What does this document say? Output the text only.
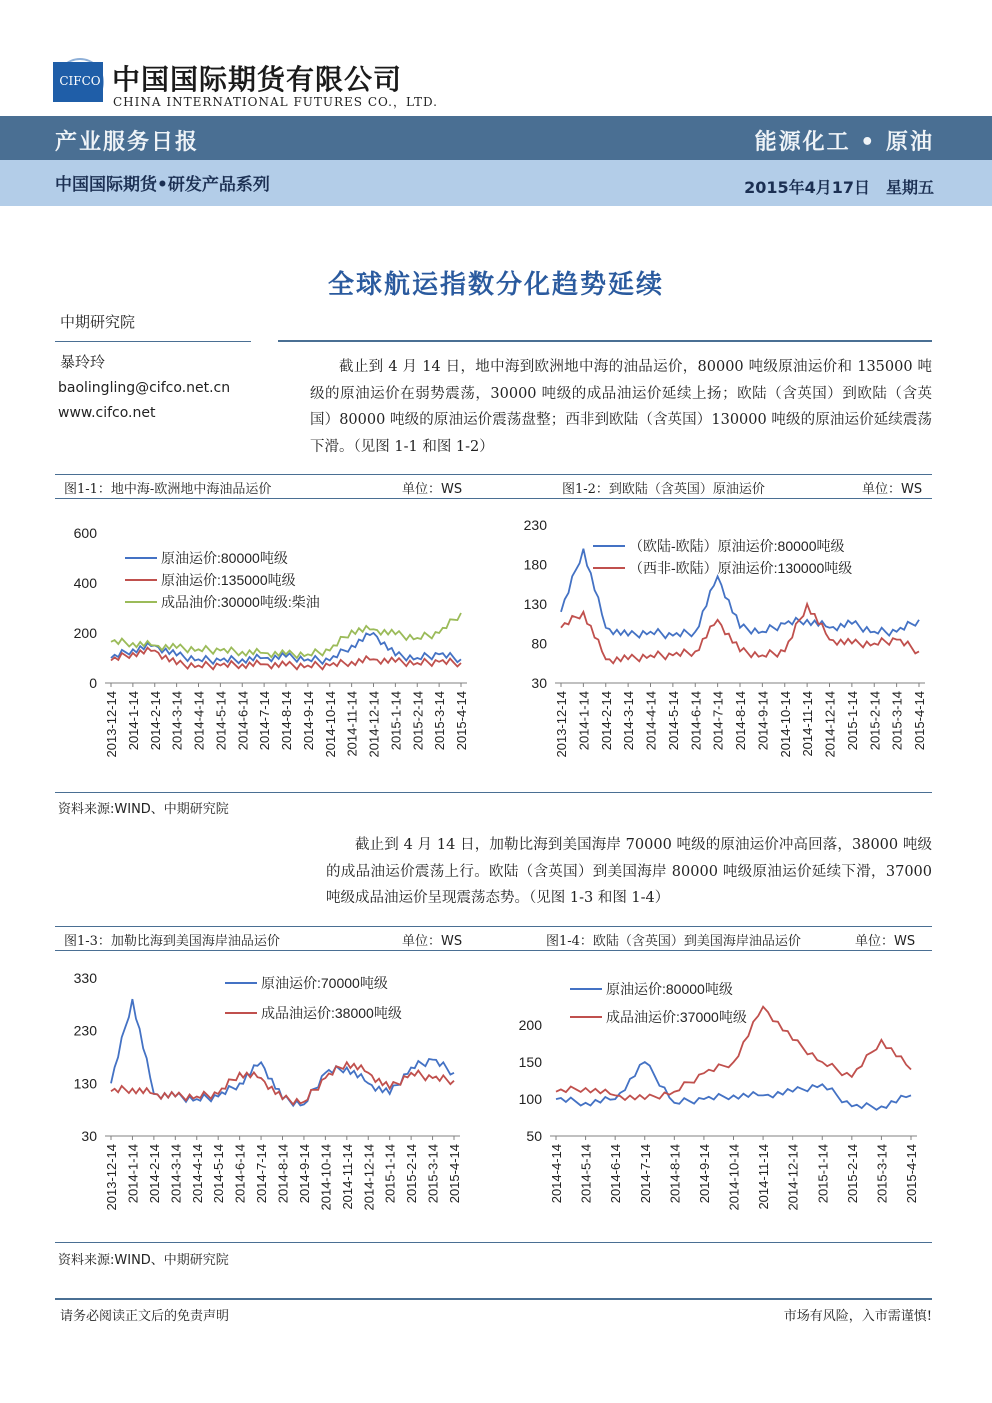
CIFCO 中国国际期货有限公司
CHINA INTERNATIONAL FUTURES CO.，LTD.
产业服务日报	能源化工 • 原油
中国国际期货•研发产品系列	2015年4月17日　星期五
全球航运指数分化趋势延续
中期研究院
暴玲玲
baolingling@cifco.net.cn
www.cifco.net
截止到 4 月 14 日，地中海到欧洲地中海的油品运价，80000 吨级原油运价和 135000 吨级的原油运价在弱势震荡，30000 吨级的成品油运价延续上扬；欧陆（含英国）到欧陆（含英国）80000 吨级的原油运价震荡盘整；西非到欧陆（含英国）130000 吨级的原油运价延续震荡下滑。（见图 1-1 和图 1-2）
图1-1：地中海-欧洲地中海油品运价	单位：WS	图1-2：到欧陆（含英国）原油运价	单位：WS
0
200
400
600
2013-12-14 2014-1-14 2014-2-14 2014-3-14 2014-4-14 2014-5-14 2014-6-14 2014-7-14 2014-8-14 2014-9-14 2014-10-14 2014-11-14 2014-12-14 2015-1-14 2015-2-14 2015-3-14 2015-4-14
原油运价:80000吨级
原油运价:135000吨级
成品油价:30000吨级:柴油
30
80
130
180
230
2013-12-14 2014-1-14 2014-2-14 2014-3-14 2014-4-14 2014-5-14 2014-6-14 2014-7-14 2014-8-14 2014-9-14 2014-10-14 2014-11-14 2014-12-14 2015-1-14 2015-2-14 2015-3-14 2015-4-14
（欧陆-欧陆）原油运价:80000吨级
（西非-欧陆）原油运价:130000吨级
资料来源:WIND、中期研究院
截止到 4 月 14 日，加勒比海到美国海岸 70000 吨级的原油运价冲高回落，38000 吨级的成品油运价震荡上行。欧陆（含英国）到美国海岸 80000 吨级原油运价延续下滑，37000 吨级成品油运价呈现震荡态势。（见图 1-3 和图 1-4）
图1-3：加勒比海到美国海岸油品运价	单位：WS	图1-4：欧陆（含英国）到美国海岸油品运价	单位：WS
30
130
230
330
2013-12-14 2014-1-14 2014-2-14 2014-3-14 2014-4-14 2014-5-14 2014-6-14 2014-7-14 2014-8-14 2014-9-14 2014-10-14 2014-11-14 2014-12-14 2015-1-14 2015-2-14 2015-3-14 2015-4-14
原油运价:70000吨级
成品油运价:38000吨级
50
100
150
200
2014-4-14 2014-5-14 2014-6-14 2014-7-14 2014-8-14 2014-9-14 2014-10-14 2014-11-14 2014-12-14 2015-1-14 2015-2-14 2015-3-14 2015-4-14
原油运价:80000吨级
成品油运价:37000吨级
资料来源:WIND、中期研究院
请务必阅读正文后的免责声明	市场有风险，入市需谨慎!
